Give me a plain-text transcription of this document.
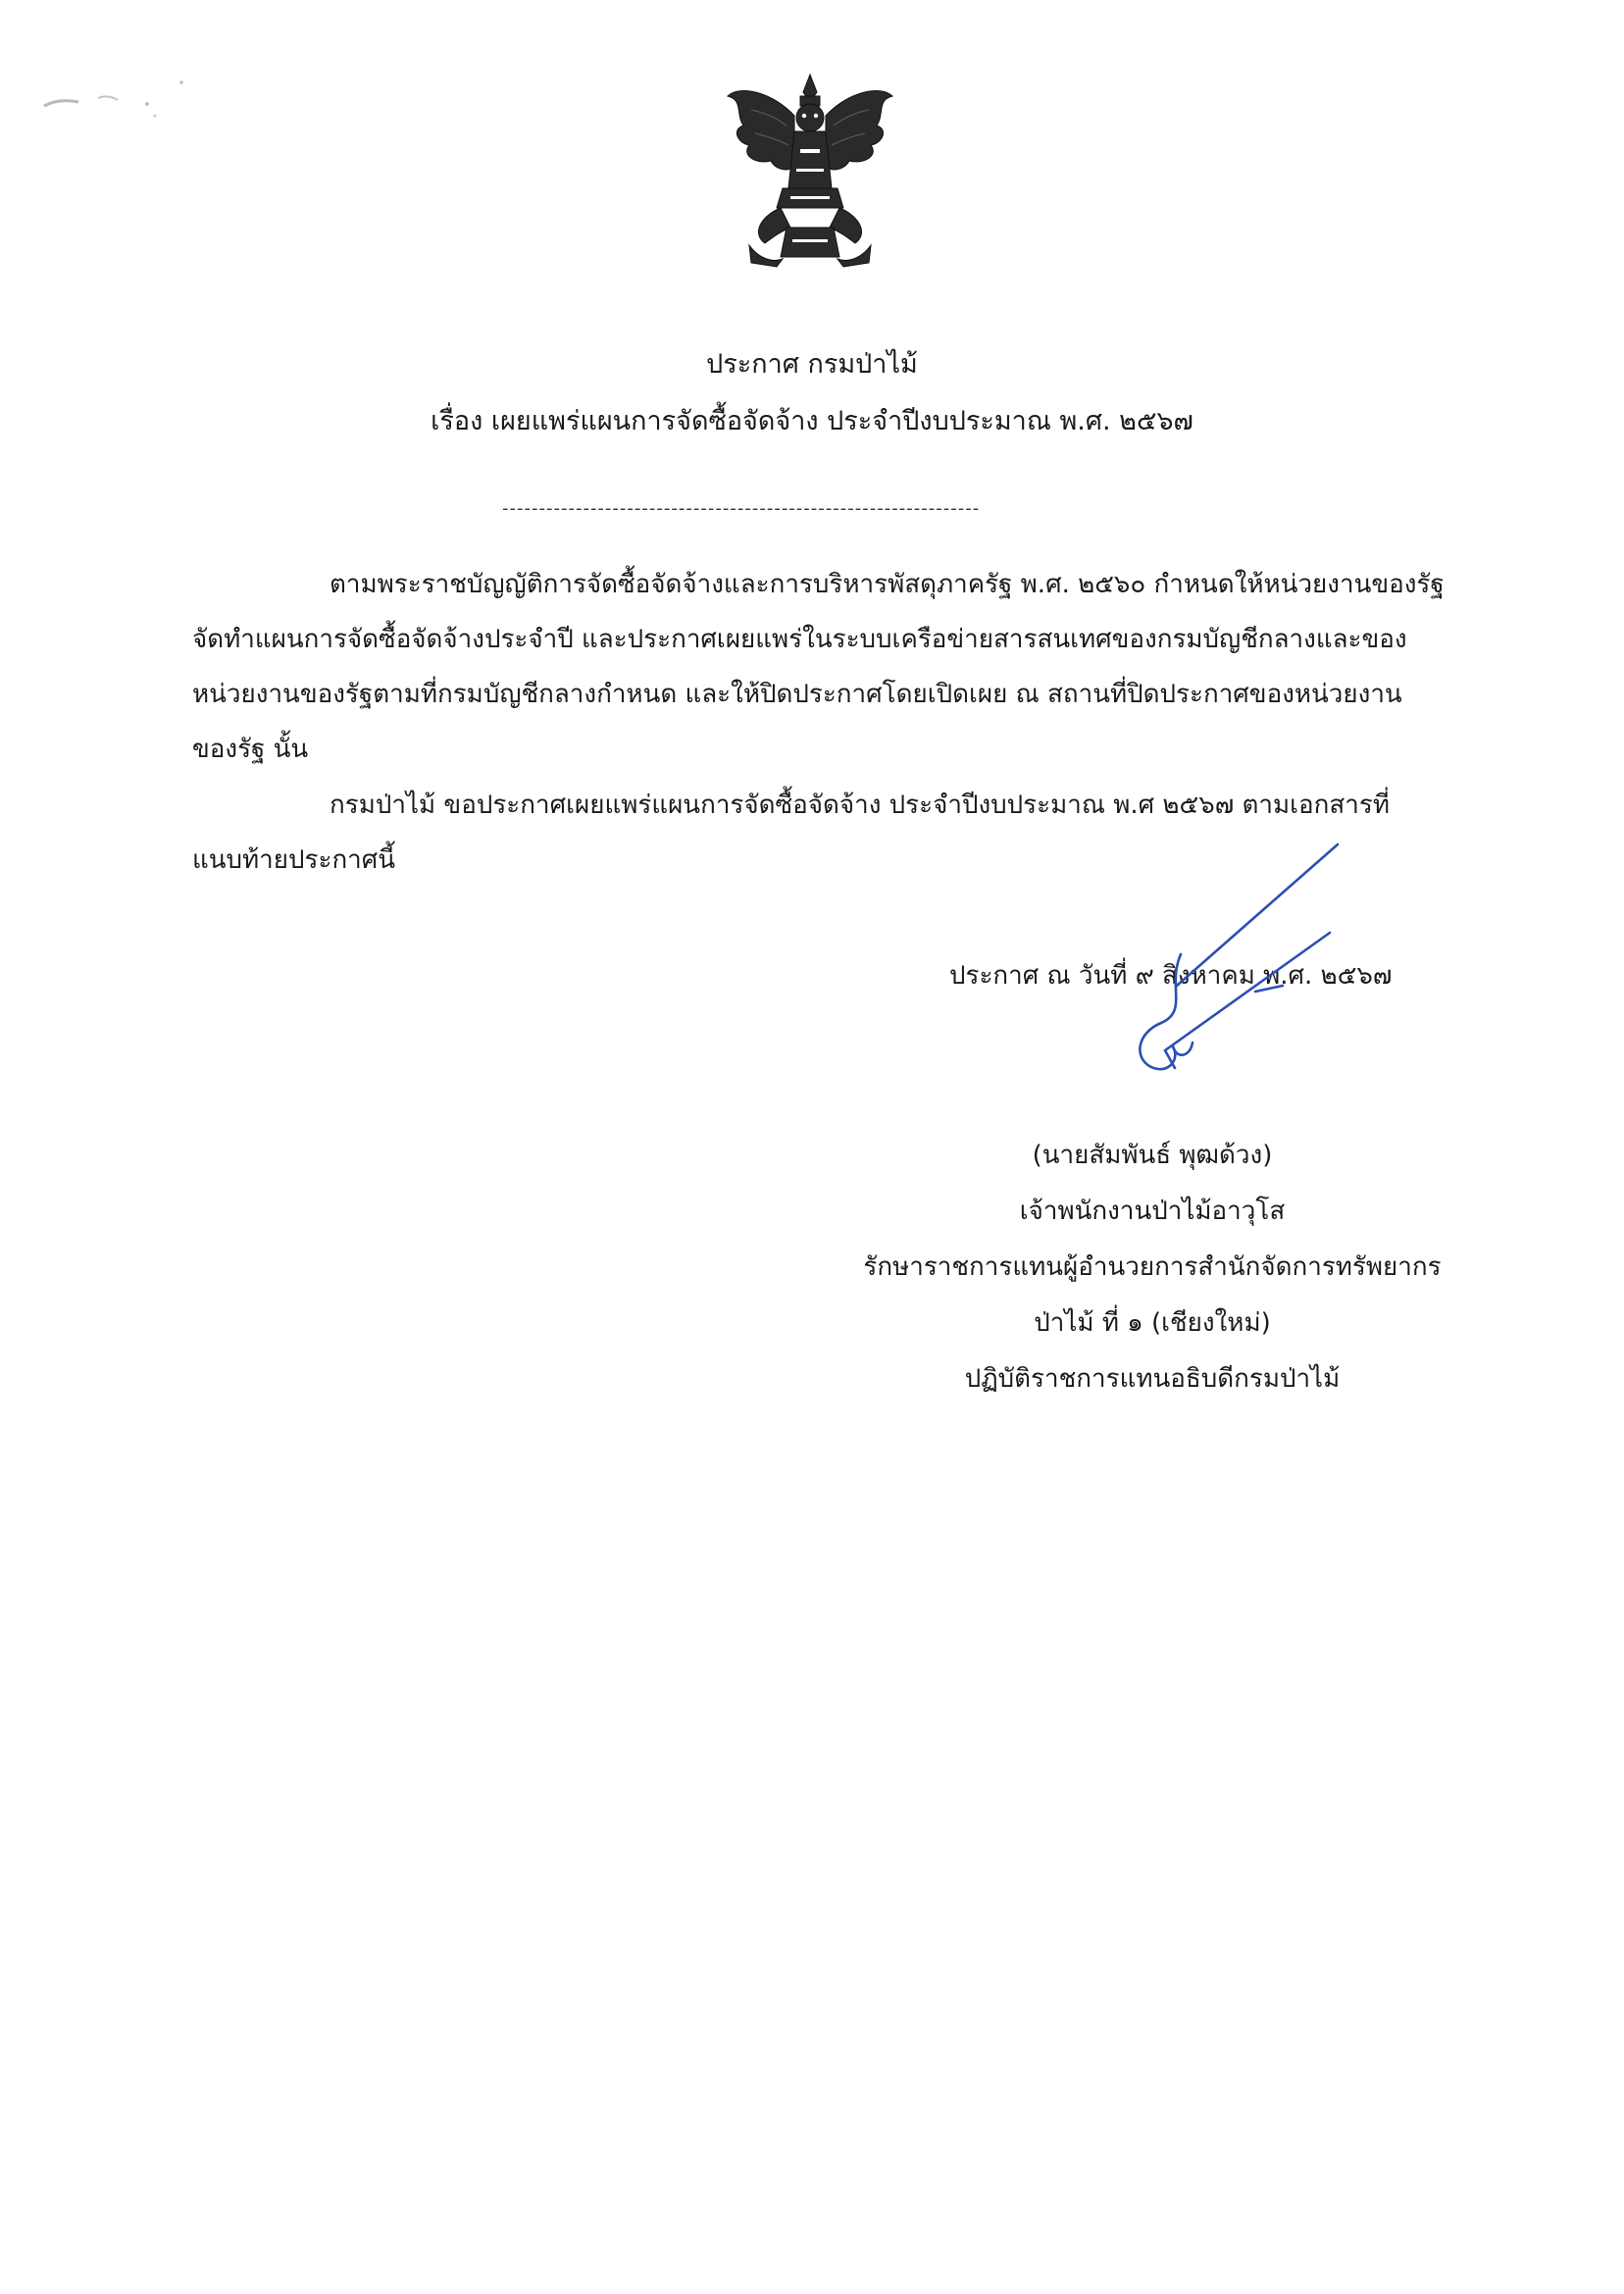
ประกาศ กรมป่าไม้
เรื่อง เผยแพร่แผนการจัดซื้อจัดจ้าง ประจำปีงบประมาณ พ.ศ. ๒๕๖๗
-----------------------------------------------------------------
ตามพระราชบัญญัติการจัดซื้อจัดจ้างและการบริหารพัสดุภาครัฐ พ.ศ. ๒๕๖๐ กำหนดให้หน่วยงานของรัฐ
จัดทำแผนการจัดซื้อจัดจ้างประจำปี และประกาศเผยแพร่ในระบบเครือข่ายสารสนเทศของกรมบัญชีกลางและของ
หน่วยงานของรัฐตามที่กรมบัญชีกลางกำหนด และให้ปิดประกาศโดยเปิดเผย ณ สถานที่ปิดประกาศของหน่วยงาน
ของรัฐ นั้น
กรมป่าไม้ ขอประกาศเผยแพร่แผนการจัดซื้อจัดจ้าง ประจำปีงบประมาณ พ.ศ ๒๕๖๗ ตามเอกสารที่
แนบท้ายประกาศนี้
ประกาศ ณ วันที่ ๙ สิงหาคม พ.ศ. ๒๕๖๗
(นายสัมพันธ์ พุฒด้วง)
เจ้าพนักงานป่าไม้อาวุโส
รักษาราชการแทนผู้อำนวยการสำนักจัดการทรัพยากร
ป่าไม้ ที่ ๑ (เชียงใหม่)
ปฏิบัติราชการแทนอธิบดีกรมป่าไม้
